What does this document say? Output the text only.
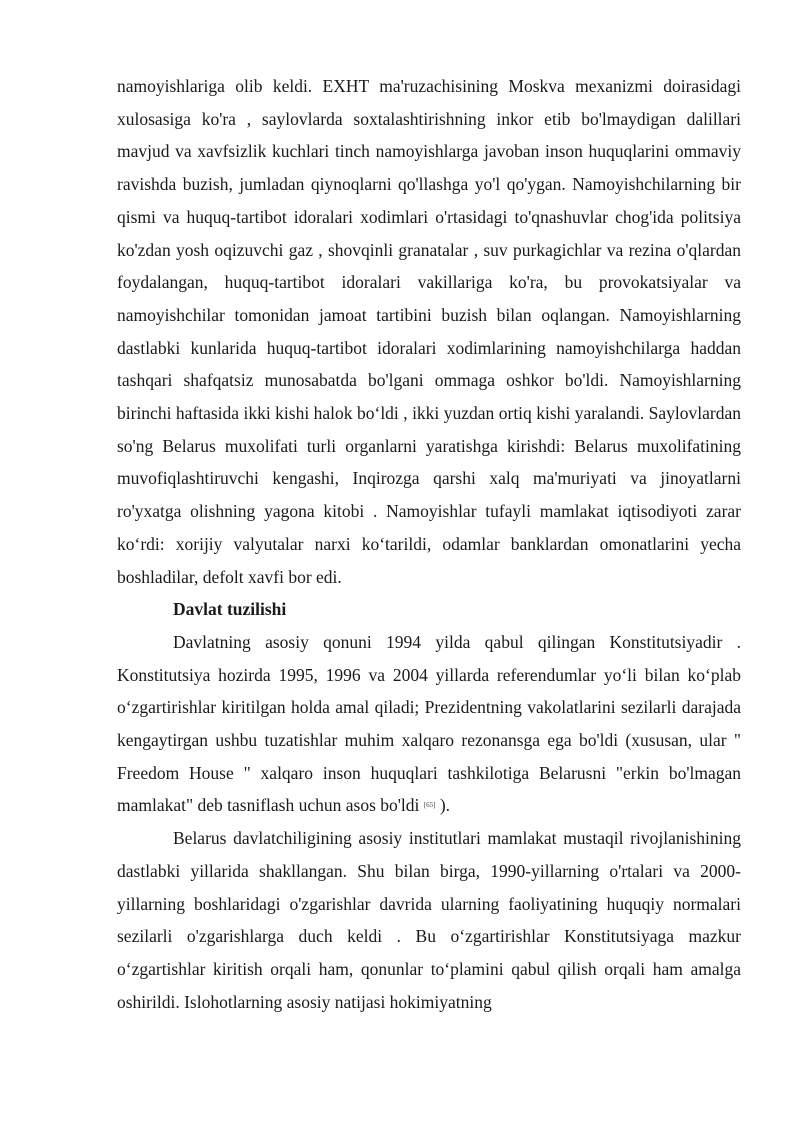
namoyishlariga olib keldi. EXHT ma'ruzachisining Moskva mexanizmi doirasidagi xulosasiga ko'ra , saylovlarda soxtalashtirishning inkor etib bo'lmaydigan dalillari mavjud va xavfsizlik kuchlari tinch namoyishlarga javoban inson huquqlarini ommaviy ravishda buzish, jumladan qiynoqlarni qo'llashga yo'l qo'ygan. Namoyishchilarning bir qismi va huquq-tartibot idoralari xodimlari o'rtasidagi to'qnashuvlar chog'ida politsiya ko'zdan yosh oqizuvchi gaz , shovqinli granatalar , suv purkagichlar va rezina o'qlardan foydalangan, huquq-tartibot idoralari vakillariga ko'ra, bu provokatsiyalar va namoyishchilar tomonidan jamoat tartibini buzish bilan oqlangan. Namoyishlarning dastlabki kunlarida huquq-tartibot idoralari xodimlarining namoyishchilarga haddan tashqari shafqatsiz munosabatda bo'lgani ommaga oshkor bo'ldi. Namoyishlarning birinchi haftasida ikki kishi halok bo‘ldi , ikki yuzdan ortiq kishi yaralandi. Saylovlardan so'ng Belarus muxolifati turli organlarni yaratishga kirishdi: Belarus muxolifatining muvofiqlashtiruvchi kengashi, Inqirozga qarshi xalq ma'muriyati va jinoyatlarni ro'yxatga olishning yagona kitobi . Namoyishlar tufayli mamlakat iqtisodiyoti zarar ko‘rdi: xorijiy valyutalar narxi ko‘tarildi, odamlar banklardan omonatlarini yecha boshladilar, defolt xavfi bor edi.

Davlat tuzilishi

Davlatning asosiy qonuni 1994 yilda qabul qilingan Konstitutsiyadir . Konstitutsiya hozirda 1995, 1996 va 2004 yillarda referendumlar yo‘li bilan ko‘plab o‘zgartirishlar kiritilgan holda amal qiladi; Prezidentning vakolatlarini sezilarli darajada kengaytirgan ushbu tuzatishlar muhim xalqaro rezonansga ega bo'ldi (xususan, ular " Freedom House " xalqaro inson huquqlari tashkilotiga Belarusni "erkin bo'lmagan mamlakat" deb tasniflash uchun asos bo'ldi [65] ).

Belarus davlatchiligining asosiy institutlari mamlakat mustaqil rivojlanishining dastlabki yillarida shakllangan. Shu bilan birga, 1990-yillarning o'rtalari va 2000-yillarning boshlaridagi o'zgarishlar davrida ularning faoliyatining huquqiy normalari sezilarli o'zgarishlarga duch keldi . Bu o‘zgartirishlar Konstitutsiyaga mazkur o‘zgartishlar kiritish orqali ham, qonunlar to‘plamini qabul qilish orqali ham amalga oshirildi. Islohotlarning asosiy natijasi hokimiyatning
